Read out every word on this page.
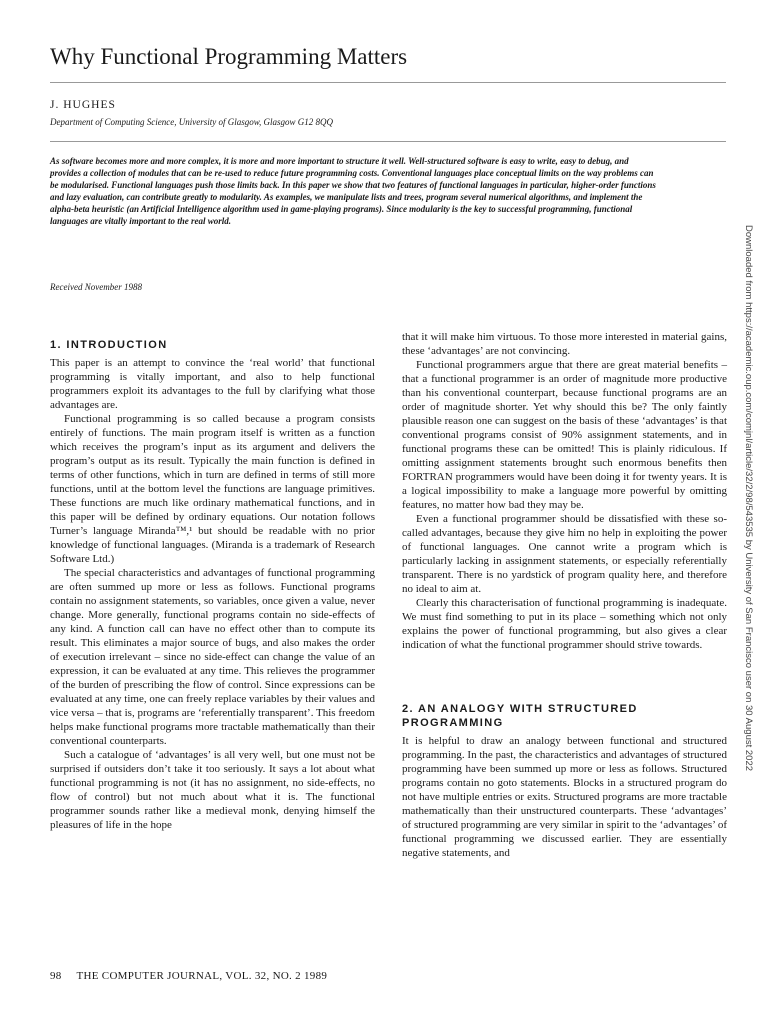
Why Functional Programming Matters
J. HUGHES
Department of Computing Science, University of Glasgow, Glasgow G12 8QQ

As software becomes more and more complex, it is more and more important to structure it well. Well-structured software is easy to write, easy to debug, and provides a collection of modules that can be re-used to reduce future programming costs. Conventional languages place conceptual limits on the way problems can be modularised. Functional languages push those limits back. In this paper we show that two features of functional languages in particular, higher-order functions and lazy evaluation, can contribute greatly to modularity. As examples, we manipulate lists and trees, program several numerical algorithms, and implement the alpha-beta heuristic (an Artificial Intelligence algorithm used in game-playing programs). Since modularity is the key to successful programming, functional languages are vitally important to the real world.

Received November 1988
1. INTRODUCTION

This paper is an attempt to convince the ‘real world’ that functional programming is vitally important, and also to help functional programmers exploit its advantages to the full by clarifying what those advantages are.

Functional programming is so called because a program consists entirely of functions. The main program itself is written as a function which receives the program’s input as its argument and delivers the program’s output as its result. Typically the main function is defined in terms of other functions, which in turn are defined in terms of still more functions, until at the bottom level the functions are language primitives. These functions are much like ordinary mathematical functions, and in this paper will be defined by ordinary equations. Our notation follows Turner’s language Miranda™,¹ but should be readable with no prior knowledge of functional languages. (Miranda is a trademark of Research Software Ltd.)

The special characteristics and advantages of functional programming are often summed up more or less as follows. Functional programs contain no assignment statements, so variables, once given a value, never change. More generally, functional programs contain no side-effects of any kind. A function call can have no effect other than to compute its result. This eliminates a major source of bugs, and also makes the order of execution irrelevant – since no side-effect can change the value of an expression, it can be evaluated at any time. This relieves the programmer of the burden of prescribing the flow of control. Since expressions can be evaluated at any time, one can freely replace variables by their values and vice versa – that is, programs are ‘referentially transparent’. This freedom helps make functional programs more tractable mathematically than their conventional counterparts.

Such a catalogue of ‘advantages’ is all very well, but one must not be surprised if outsiders don’t take it too seriously. It says a lot about what functional programming is not (it has no assignment, no side-effects, no flow of control) but not much about what it is. The functional programmer sounds rather like a medieval monk, denying himself the pleasures of life in the hope

that it will make him virtuous. To those more interested in material gains, these ‘advantages’ are not convincing.

Functional programmers argue that there are great material benefits – that a functional programmer is an order of magnitude more productive than his conventional counterpart, because functional programs are an order of magnitude shorter. Yet why should this be? The only faintly plausible reason one can suggest on the basis of these ‘advantages’ is that conventional programs consist of 90% assignment statements, and in functional programs these can be omitted! This is plainly ridiculous. If omitting assignment statements brought such enormous benefits then FORTRAN programmers would have been doing it for twenty years. It is a logical impossibility to make a language more powerful by omitting features, no matter how bad they may be.

Even a functional programmer should be dissatisfied with these so-called advantages, because they give him no help in exploiting the power of functional languages. One cannot write a program which is particularly lacking in assignment statements, or especially referentially transparent. There is no yardstick of program quality here, and therefore no ideal to aim at.

Clearly this characterisation of functional programming is inadequate. We must find something to put in its place – something which not only explains the power of functional programming, but also gives a clear indication of what the functional programmer should strive towards.

2. AN ANALOGY WITH STRUCTURED PROGRAMMING

It is helpful to draw an analogy between functional and structured programming. In the past, the characteristics and advantages of structured programming have been summed up more or less as follows. Structured programs contain no goto statements. Blocks in a structured program do not have multiple entries or exits. Structured programs are more tractable mathematically than their unstructured counterparts. These ‘advantages’ of structured programming are very similar in spirit to the ‘advantages’ of functional programming we discussed earlier. They are essentially negative statements, and

Downloaded from https://academic.oup.com/comjnl/article/32/2/98/543535 by University of San Francisco user on 30 August 2022
98 THE COMPUTER JOURNAL, VOL. 32, NO. 2 1989
